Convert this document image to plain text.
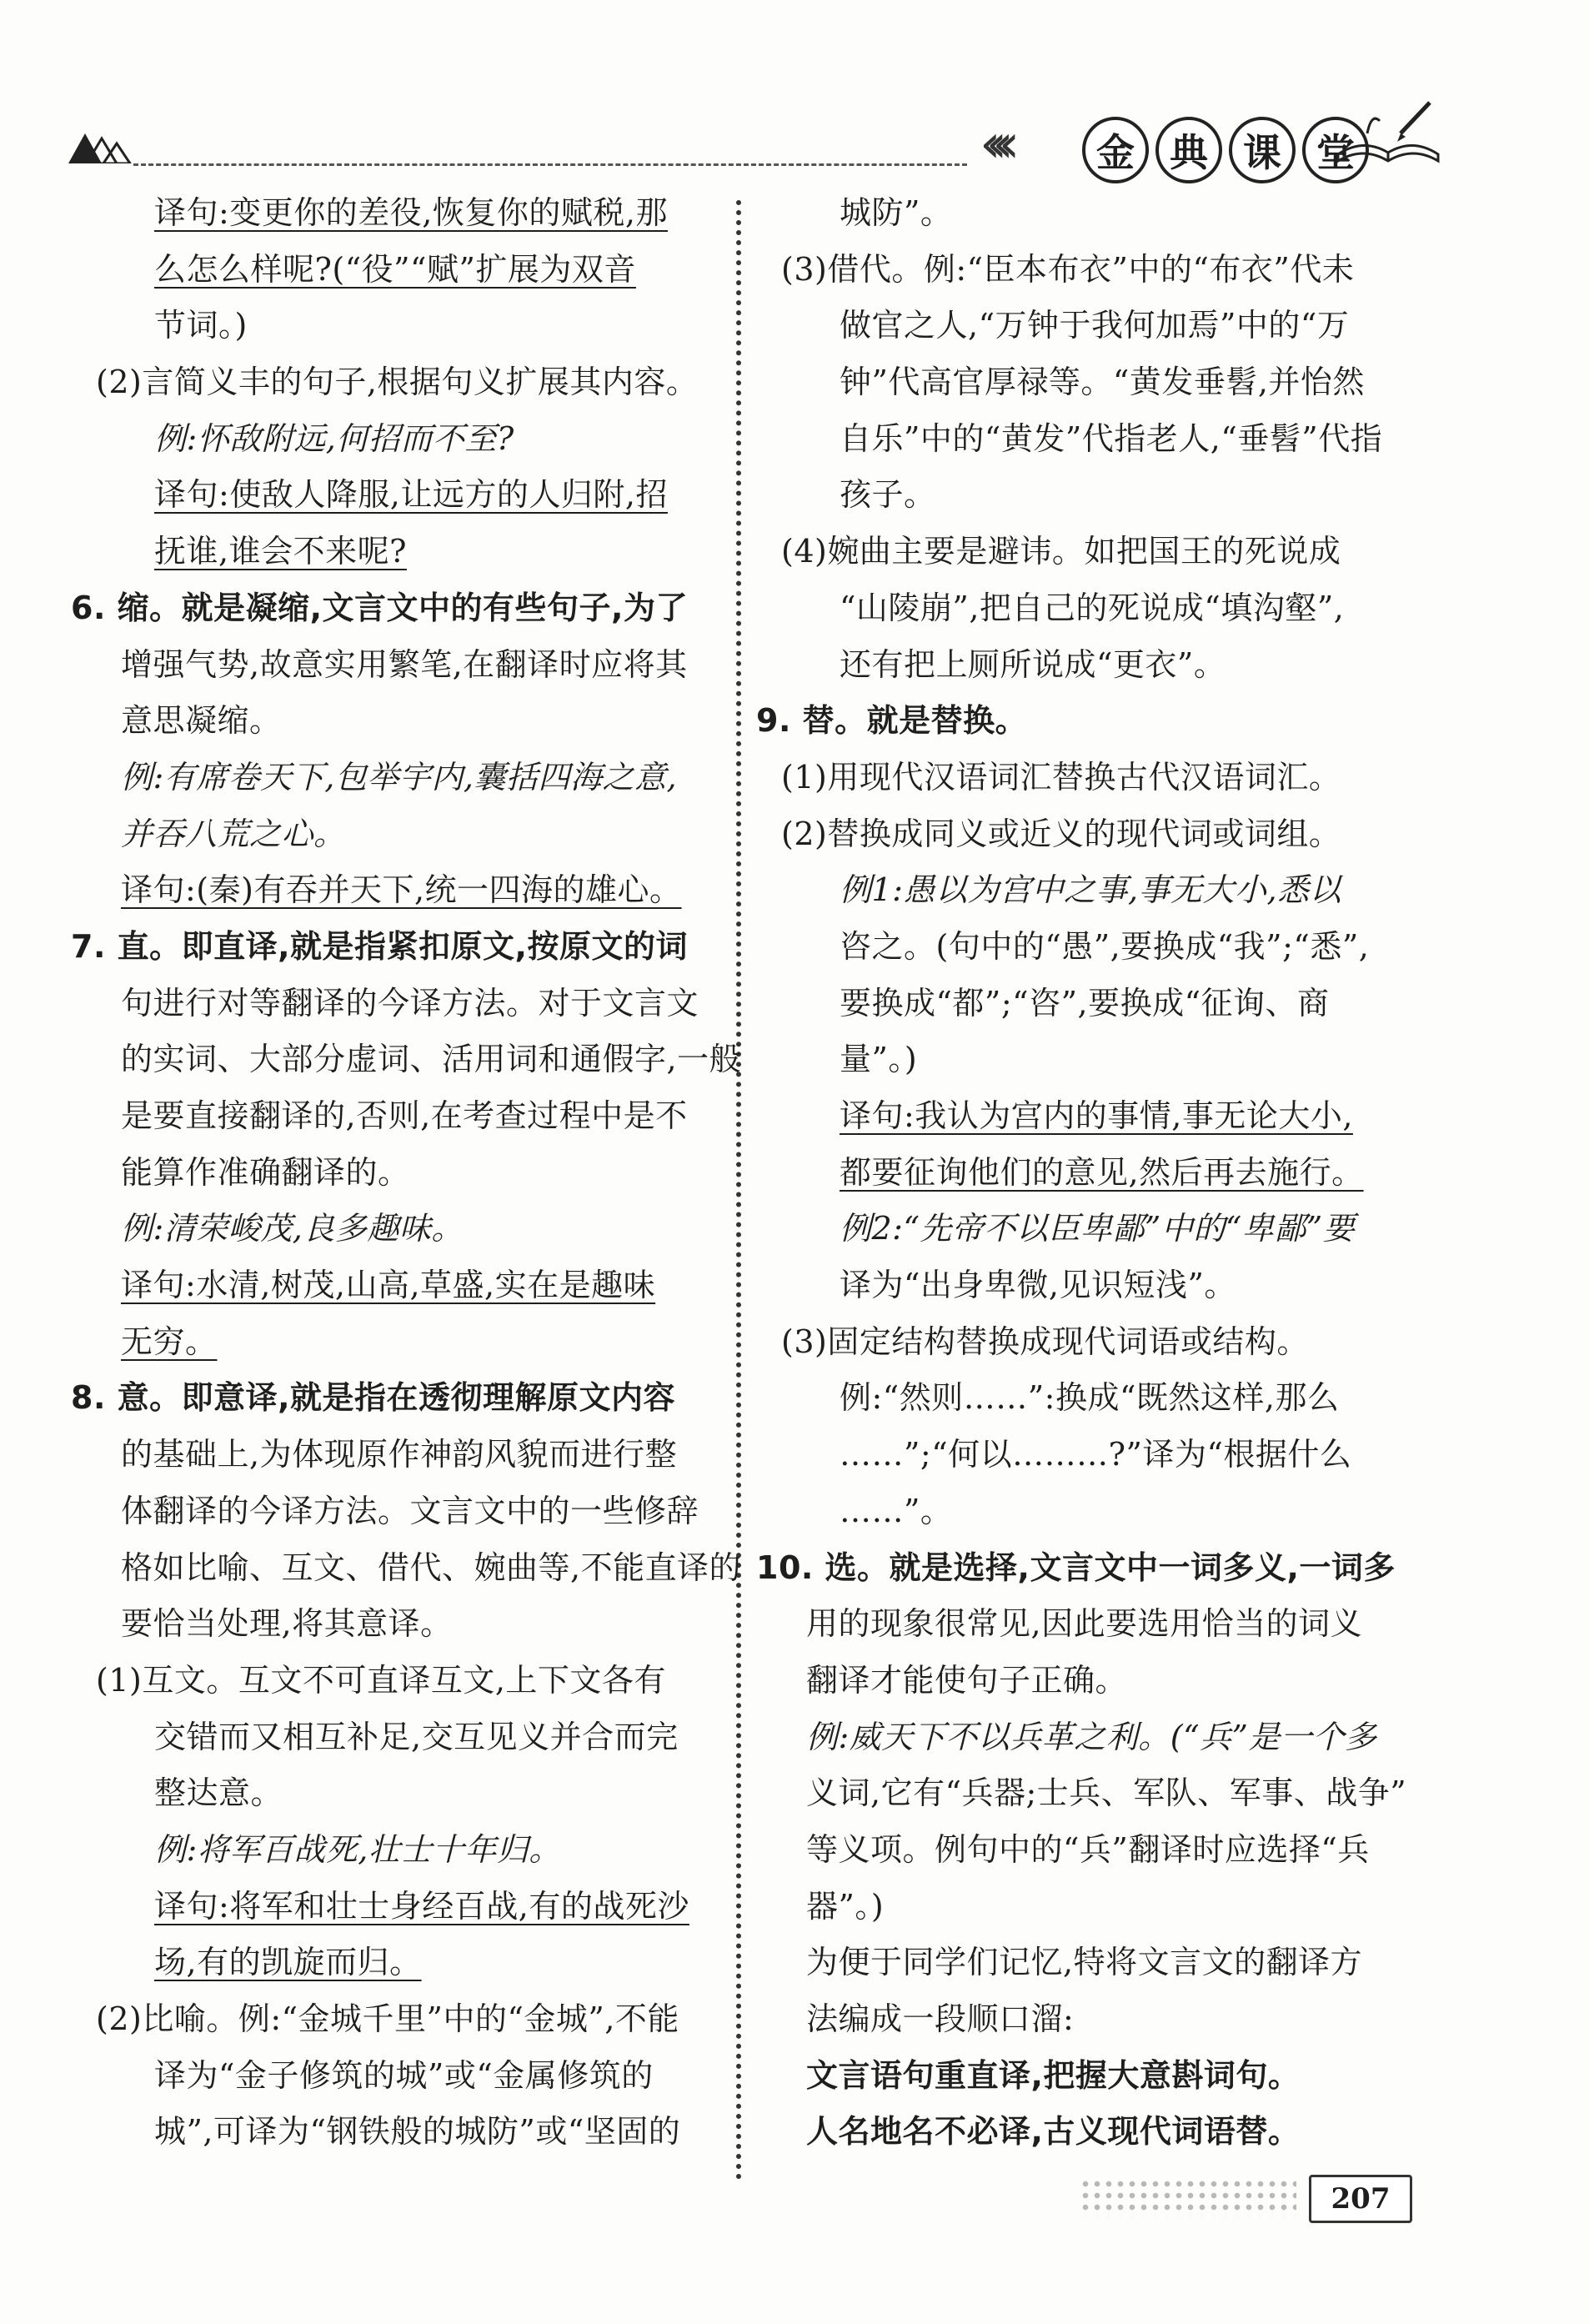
‹‹‹‹	金 典 课 堂
译句:变更你的差役,恢复你的赋税,那
么怎么样呢?(“役”“赋”扩展为双音
节词。)
(2)言简义丰的句子,根据句义扩展其内容。
例:怀敌附远,何招而不至?
译句:使敌人降服,让远方的人归附,招
抚谁,谁会不来呢?
6. 缩。就是凝缩,文言文中的有些句子,为了
增强气势,故意实用繁笔,在翻译时应将其
意思凝缩。
例:有席卷天下,包举宇内,囊括四海之意,
并吞八荒之心。
译句:(秦)有吞并天下,统一四海的雄心。
7. 直。即直译,就是指紧扣原文,按原文的词
句进行对等翻译的今译方法。对于文言文
的实词、大部分虚词、活用词和通假字,一般
是要直接翻译的,否则,在考查过程中是不
能算作准确翻译的。
例:清荣峻茂,良多趣味。
译句:水清,树茂,山高,草盛,实在是趣味
无穷。
8. 意。即意译,就是指在透彻理解原文内容
的基础上,为体现原作神韵风貌而进行整
体翻译的今译方法。文言文中的一些修辞
格如比喻、互文、借代、婉曲等,不能直译的
要恰当处理,将其意译。
(1)互文。互文不可直译互文,上下文各有
交错而又相互补足,交互见义并合而完
整达意。
例:将军百战死,壮士十年归。
译句:将军和壮士身经百战,有的战死沙
场,有的凯旋而归。
(2)比喻。例:“金城千里”中的“金城”,不能
译为“金子修筑的城”或“金属修筑的
城”,可译为“钢铁般的城防”或“坚固的
城防”。
(3)借代。例:“臣本布衣”中的“布衣”代未
做官之人,“万钟于我何加焉”中的“万
钟”代高官厚禄等。“黄发垂髫,并怡然
自乐”中的“黄发”代指老人,“垂髫”代指
孩子。
(4)婉曲主要是避讳。如把国王的死说成
“山陵崩”,把自己的死说成“填沟壑”,
还有把上厕所说成“更衣”。
9. 替。就是替换。
(1)用现代汉语词汇替换古代汉语词汇。
(2)替换成同义或近义的现代词或词组。
例1:愚以为宫中之事,事无大小,悉以
咨之。(句中的“愚”,要换成“我”;“悉”,
要换成“都”;“咨”,要换成“征询、商
量”。)
译句:我认为宫内的事情,事无论大小,
都要征询他们的意见,然后再去施行。
例2:“先帝不以臣卑鄙”中的“卑鄙”要
译为“出身卑微,见识短浅”。
(3)固定结构替换成现代词语或结构。
例:“然则……”:换成“既然这样,那么
……”;“何以………?”译为“根据什么
……”。
10. 选。就是选择,文言文中一词多义,一词多
用的现象很常见,因此要选用恰当的词义
翻译才能使句子正确。
例:威天下不以兵革之利。(“兵”是一个多
义词,它有“兵器;士兵、军队、军事、战争”
等义项。例句中的“兵”翻译时应选择“兵
器”。)
为便于同学们记忆,特将文言文的翻译方
法编成一段顺口溜:
文言语句重直译,把握大意斟词句。
人名地名不必译,古义现代词语替。
207
